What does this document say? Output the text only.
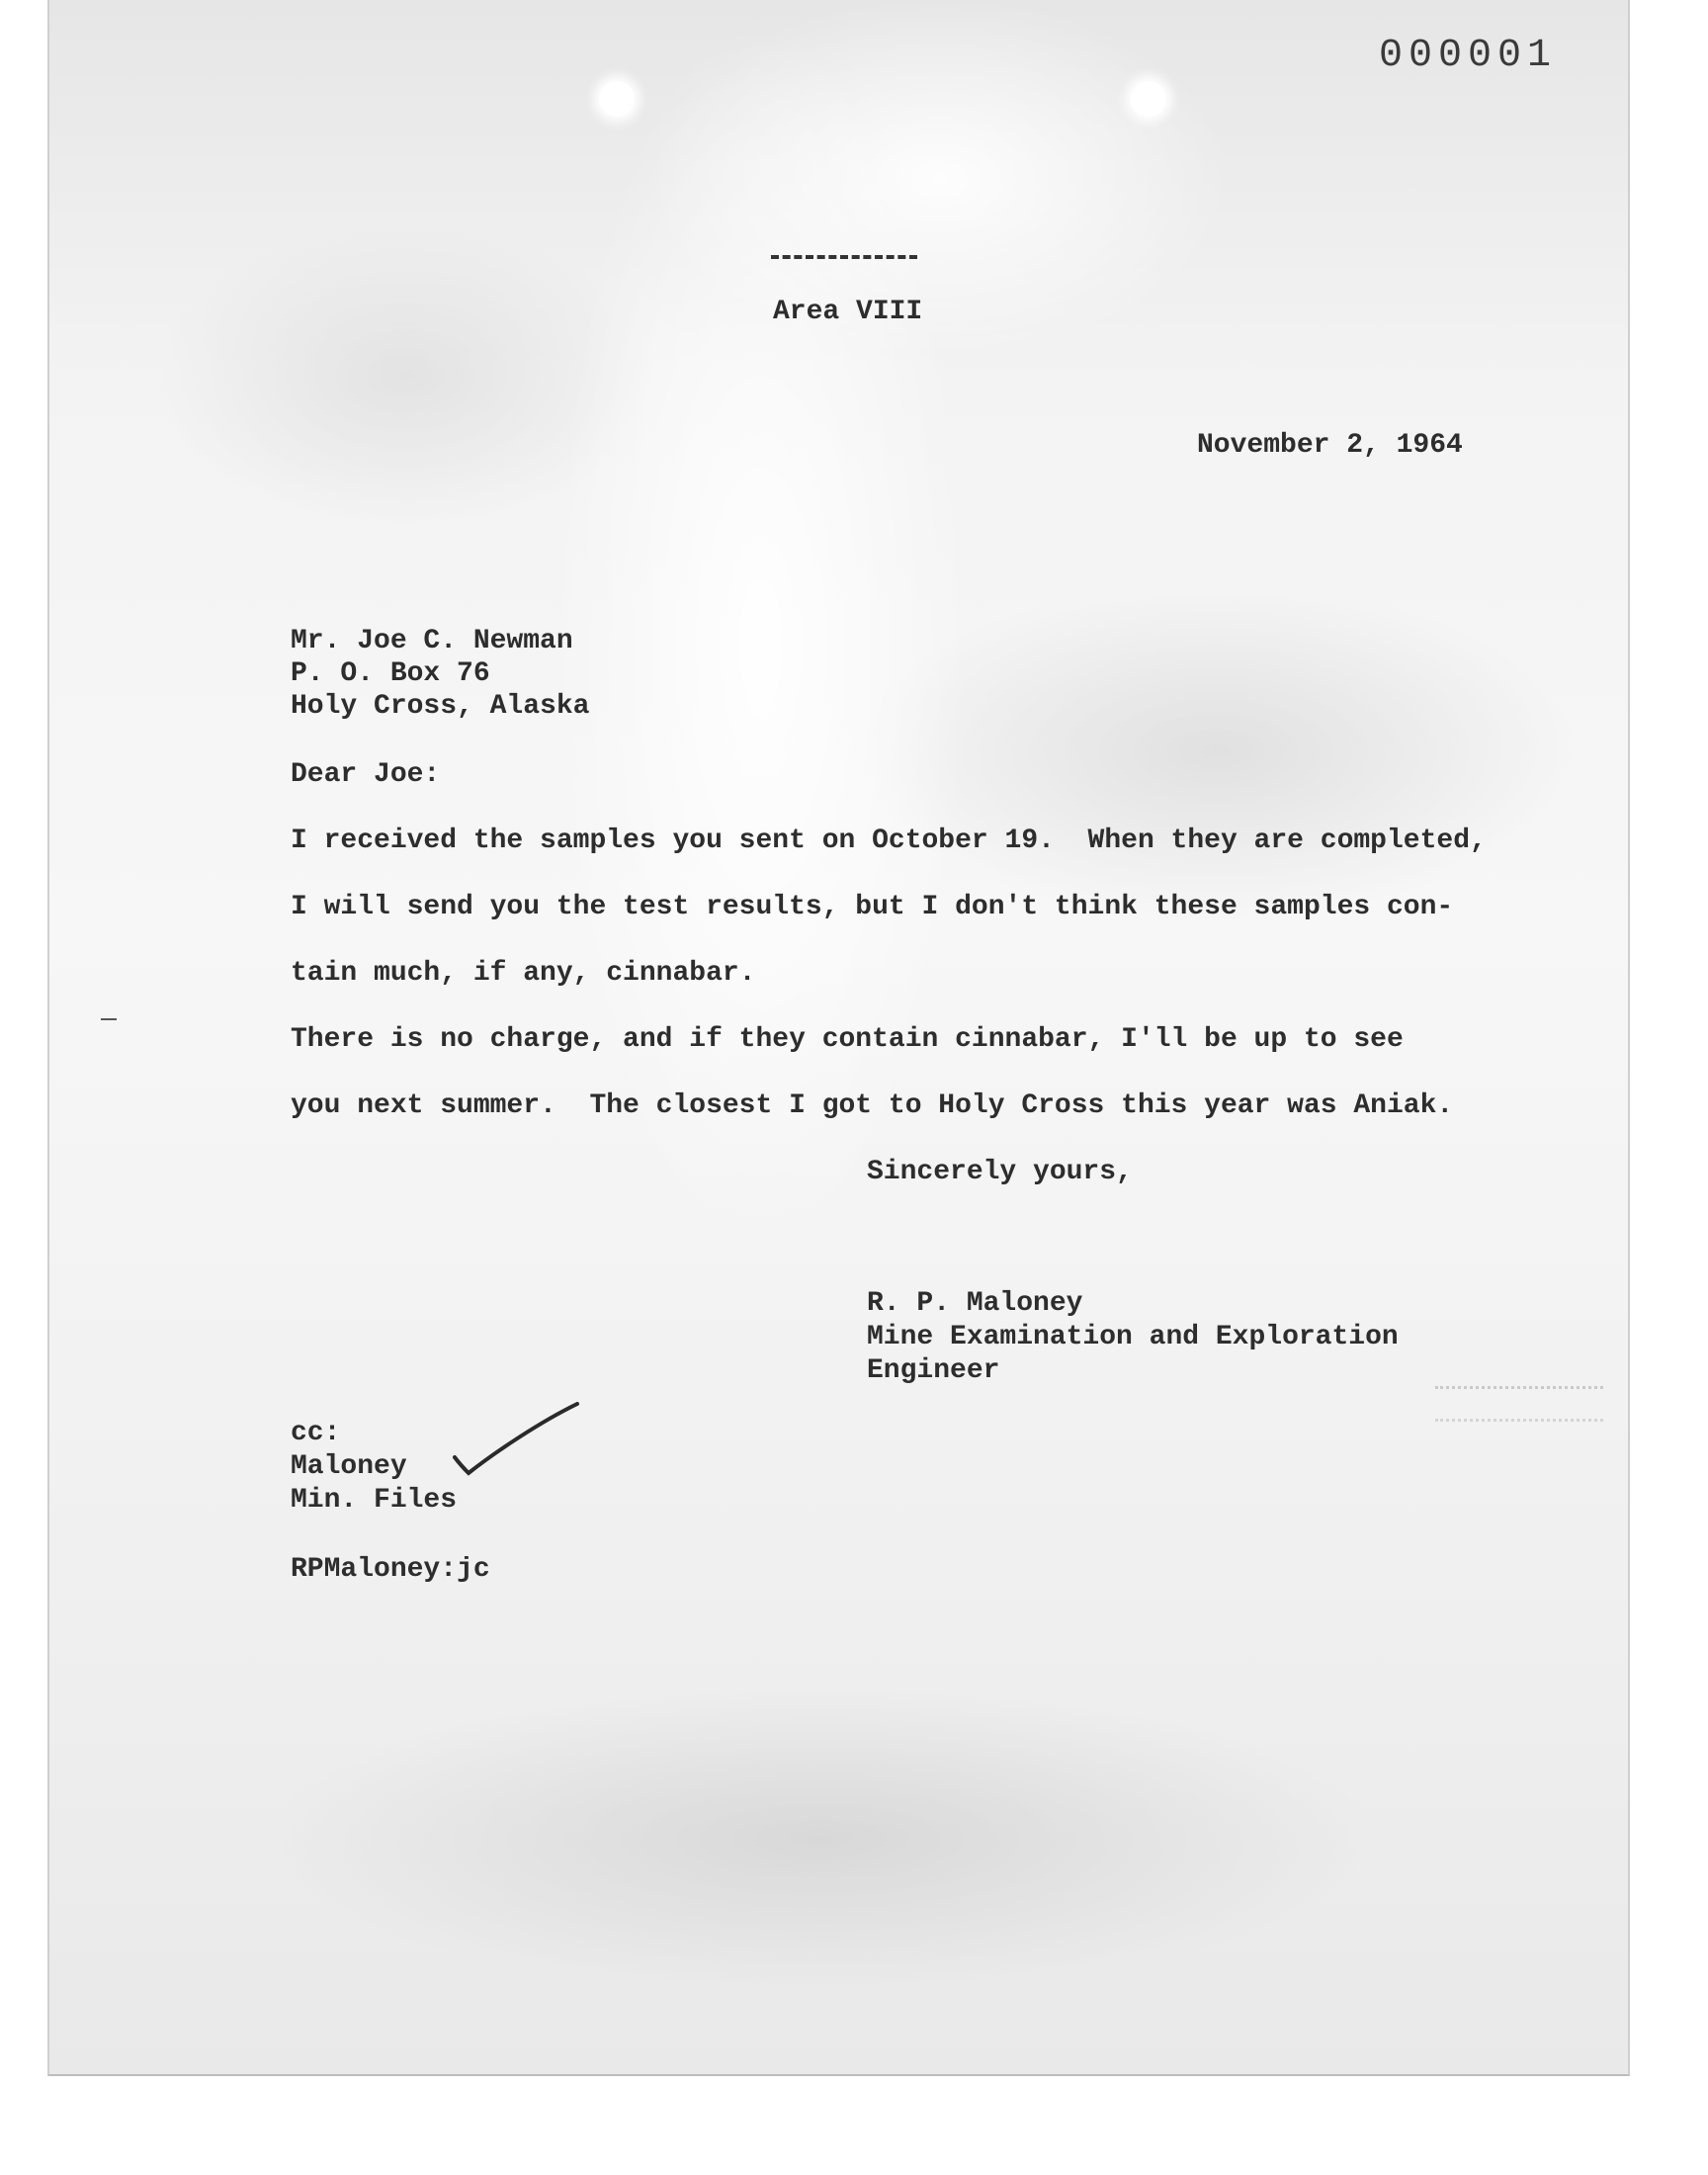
000001
Area VIII
November 2, 1964
Mr. Joe C. Newman
P. O. Box 76
Holy Cross, Alaska
Dear Joe:
I received the samples you sent on October 19.  When they are completed,
I will send you the test results, but I don't think these samples con-
tain much, if any, cinnabar.
There is no charge, and if they contain cinnabar, I'll be up to see
you next summer.  The closest I got to Holy Cross this year was Aniak.
Sincerely yours,
R. P. Maloney
Mine Examination and Exploration
Engineer
cc:
Maloney
Min. Files
RPMaloney:jc
